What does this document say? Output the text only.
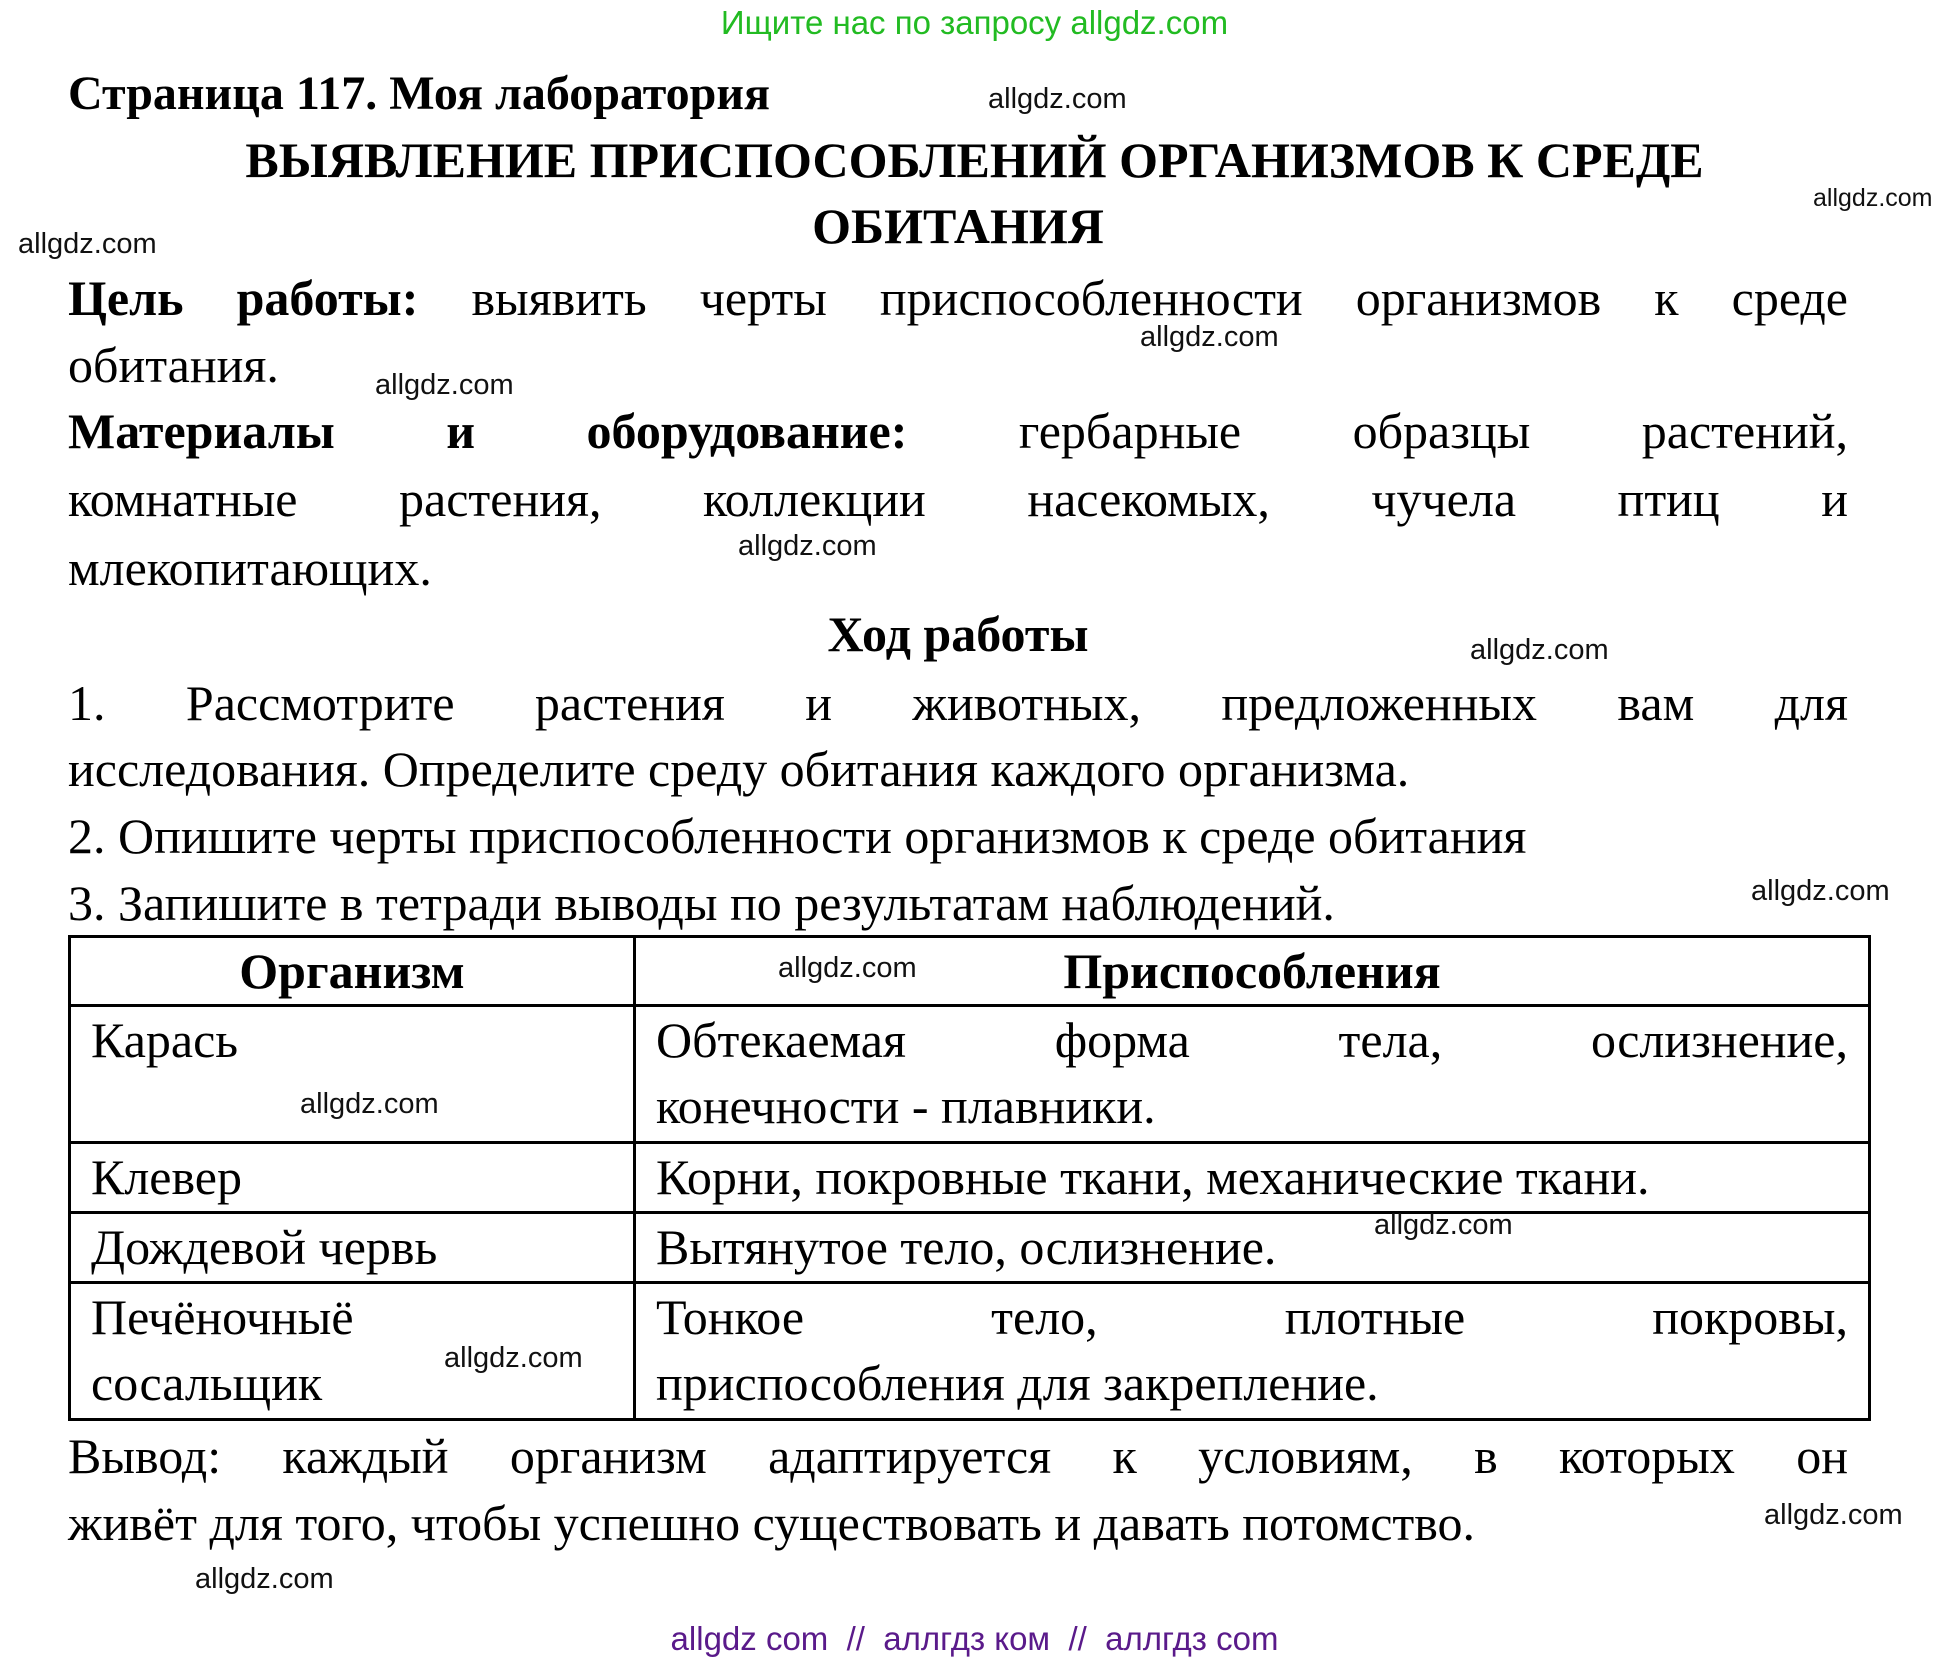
Ищите нас по запросу allgdz.com
Страница 117. Моя лаборатория
ВЫЯВЛЕНИЕ ПРИСПОСОБЛЕНИЙ ОРГАНИЗМОВ К СРЕДЕ
ОБИТАНИЯ
Цель работы: выявить черты приспособленности организмов к среде
обитания.
Материалы и оборудование: гербарные образцы растений,
комнатные растения, коллекции насекомых, чучела птиц и
млекопитающих.
Ход работы
1. Рассмотрите растения и животных, предложенных вам для
исследования. Определите среду обитания каждого организма.
2. Опишите черты приспособленности организмов к среде обитания
3. Запишите в тетради выводы по результатам наблюдений.
Организм	Приспособления
Карась	Обтекаемая форма тела, ослизнение,
конечности - плавники.

Клевер	Корни, покровные ткани, механические ткани.
Дождевой червь	Вытянутое тело, ослизнение.

Печёночныё сосальщик	Тонкое тело, плотные покровы,
приспособления для закрепление.
Вывод: каждый организм адаптируется к условиям, в которых он
живёт для того, чтобы успешно существовать и давать потомство.
allgdz.com
allgdz.com
allgdz.com
allgdz.com
allgdz.com
allgdz.com
allgdz.com
allgdz.com
allgdz.com
allgdz.com
allgdz.com
allgdz.com
allgdz.com
allgdz.com
allgdz com  //  аллгдз ком  //  аллгдз com
